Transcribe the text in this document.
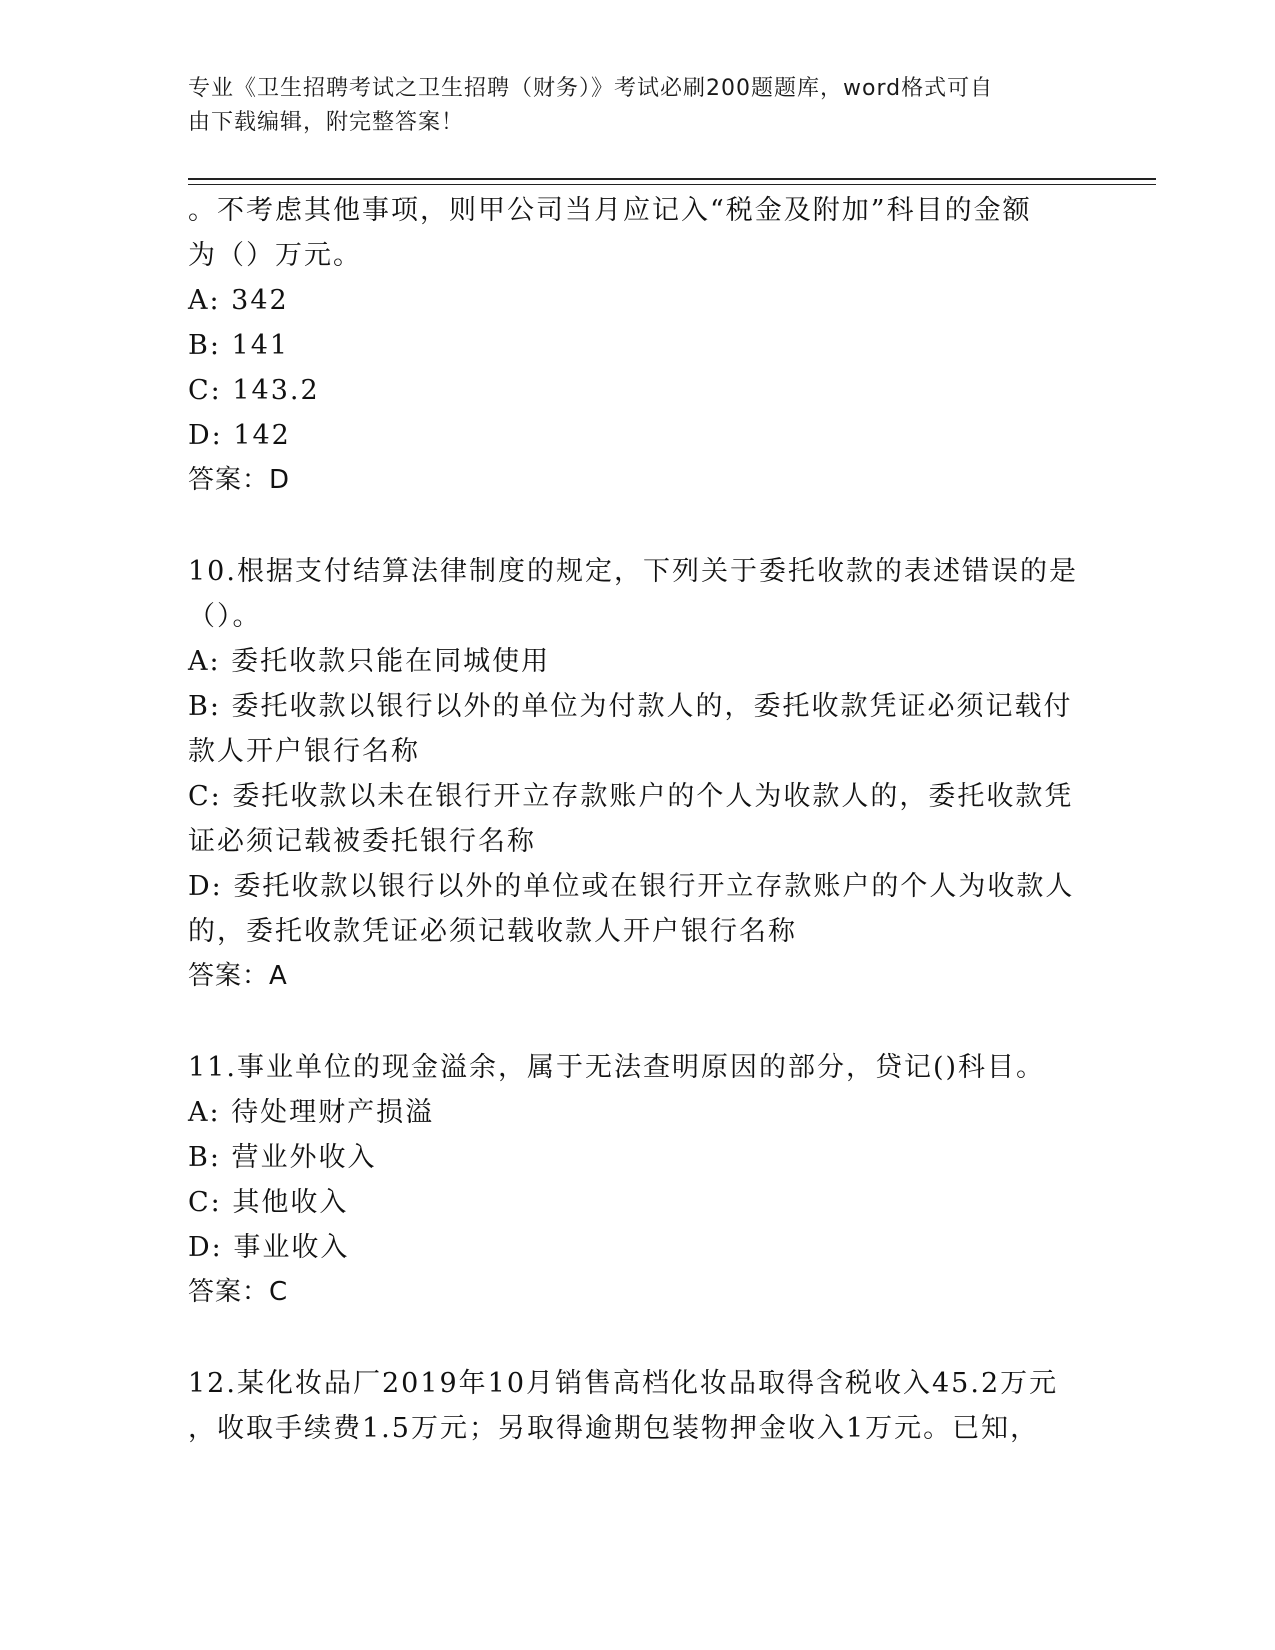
专业《卫生招聘考试之卫生招聘（财务）》考试必刷200题题库，word格式可自
由下载编辑，附完整答案！
。不考虑其他事项，则甲公司当月应记入“税金及附加”科目的金额
为（）万元。
A: 342
B: 141
C: 143.2
D: 142
答案：D
10.根据支付结算法律制度的规定，下列关于委托收款的表述错误的是
（）。
A: 委托收款只能在同城使用
B: 委托收款以银行以外的单位为付款人的，委托收款凭证必须记载付
款人开户银行名称
C: 委托收款以未在银行开立存款账户的个人为收款人的，委托收款凭
证必须记载被委托银行名称
D: 委托收款以银行以外的单位或在银行开立存款账户的个人为收款人
的，委托收款凭证必须记载收款人开户银行名称
答案：A
11.事业单位的现金溢余，属于无法查明原因的部分，贷记()科目。
A: 待处理财产损溢
B: 营业外收入
C: 其他收入
D: 事业收入
答案：C
12.某化妆品厂2019年10月销售高档化妆品取得含税收入45.2万元
，收取手续费1.5万元；另取得逾期包装物押金收入1万元。已知，
